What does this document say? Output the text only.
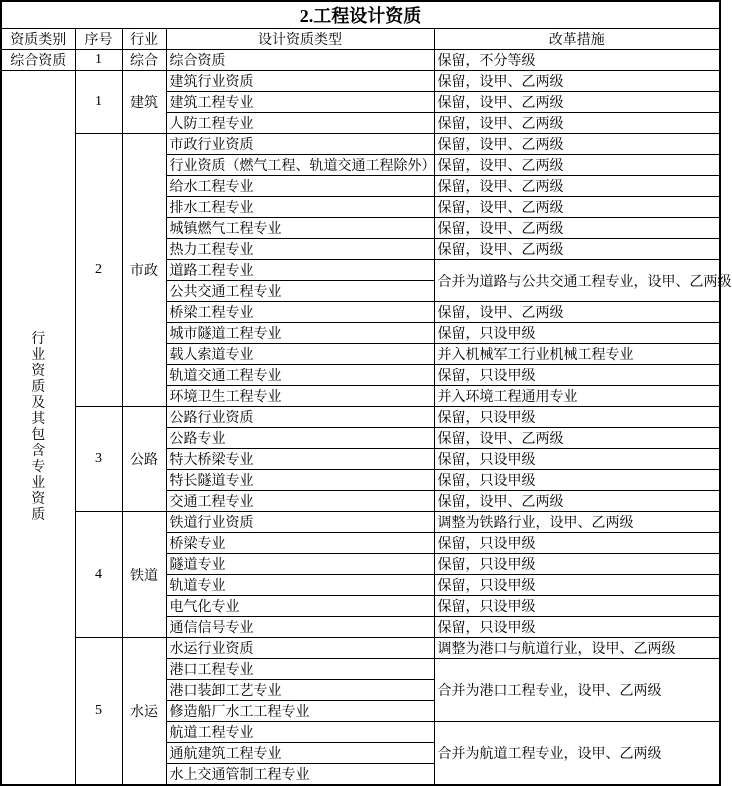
2.工程设计资质				
资质类别	序号	行业	设计资质类型	改革措施
综合资质	1	综合	综合资质	保留，不分等级

行业资质及其包含专业资质	1	建筑	建筑行业资质	保留，设甲、乙两级
			建筑工程专业	保留，设甲、乙两级
			人防工程专业	保留，设甲、乙两级
	2	市政	市政行业资质	保留，设甲、乙两级
			行业资质（燃气工程、轨道交通工程除外）	保留，设甲、乙两级
			给水工程专业	保留，设甲、乙两级
			排水工程专业	保留，设甲、乙两级
			城镇燃气工程专业	保留，设甲、乙两级
			热力工程专业	保留，设甲、乙两级
			道路工程专业	合并为道路与公共交通工程专业，设甲、乙两级
			公共交通工程专业	
			桥梁工程专业	保留，设甲、乙两级
			城市隧道工程专业	保留，只设甲级
			载人索道专业	并入机械军工行业机械工程专业
			轨道交通工程专业	保留，只设甲级
			环境卫生工程专业	并入环境工程通用专业
	3	公路	公路行业资质	保留，只设甲级
			公路专业	保留，设甲、乙两级
			特大桥梁专业	保留，只设甲级
			特长隧道专业	保留，只设甲级
			交通工程专业	保留，设甲、乙两级
	4	铁道	铁道行业资质	调整为铁路行业，设甲、乙两级
			桥梁专业	保留，只设甲级
			隧道专业	保留，只设甲级
			轨道专业	保留，只设甲级
			电气化专业	保留，只设甲级
			通信信号专业	保留，只设甲级
	5	水运	水运行业资质	调整为港口与航道行业，设甲、乙两级
			港口工程专业	合并为港口工程专业，设甲、乙两级
			港口装卸工艺专业	
			修造船厂水工工程专业	
			航道工程专业	合并为航道工程专业，设甲、乙两级
			通航建筑工程专业	
			水上交通管制工程专业	
